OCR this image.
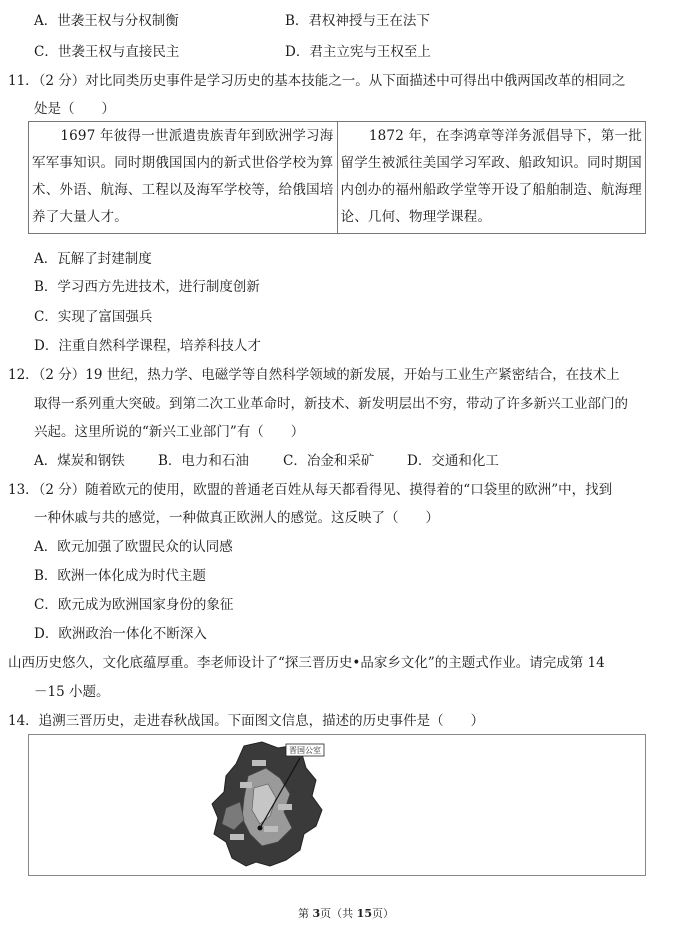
A．世袭王权与分权制衡	B．君权神授与王在法下
C．世袭王权与直接民主	D．君主立宪与王权至上
11．（2 分）对比同类历史事件是学习历史的基本技能之一。从下面描述中可得出中俄两国改革的相同之
处是（　　）
1697 年彼得一世派遣贵族青年到欧洲学习海军军事知识。同时期俄国国内的新式世俗学校为算术、外语、航海、工程以及海军学校等，给俄国培养了大量人才。	1872 年，在李鸿章等洋务派倡导下，第一批留学生被派往美国学习军政、船政知识。同时期国内创办的福州船政学堂等开设了船舶制造、航海理论、几何、物理学课程。
A．瓦解了封建制度
B．学习西方先进技术，进行制度创新
C．实现了富国强兵
D．注重自然科学课程，培养科技人才
12．（2 分）19 世纪，热力学、电磁学等自然科学领域的新发展，开始与工业生产紧密结合，在技术上
取得一系列重大突破。到第二次工业革命时，新技术、新发明层出不穷，带动了许多新兴工业部门的
兴起。这里所说的“新兴工业部门”有（　　）
A．煤炭和钢铁 B．电力和石油	C．冶金和采矿 D．交通和化工
13．（2 分）随着欧元的使用，欧盟的普通老百姓从每天都看得见、摸得着的“口袋里的欧洲”中，找到
一种休戚与共的感觉，一种做真正欧洲人的感觉。这反映了（　　）
A．欧元加强了欧盟民众的认同感
B．欧洲一体化成为时代主题
C．欧元成为欧洲国家身份的象征
D．欧洲政治一体化不断深入
山西历史悠久，文化底蕴厚重。李老师设计了“探三晋历史•品家乡文化”的主题式作业。请完成第 14
－15 小题。
14．追溯三晋历史，走进春秋战国。下面图文信息，描述的历史事件是（　　）
晋国公室
第 3页（共 15页）
